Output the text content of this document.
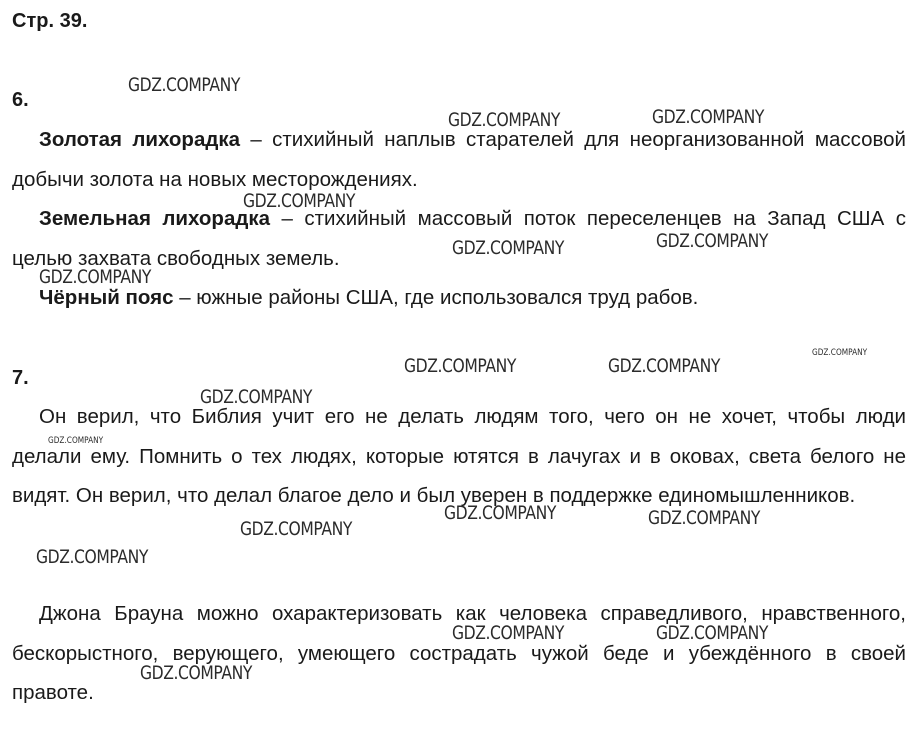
Стр. 39.
6.

Золотая лихорадка – стихийный наплыв старателей для неорганизованной массовой добычи золота на новых месторождениях.

Земельная лихорадка – стихийный массовый поток переселенцев на Запад США с целью захвата свободных земель.

Чёрный пояс – южные районы США, где использовался труд рабов.

7.

Он верил, что Библия учит его не делать людям того, чего он не хочет, чтобы люди делали ему. Помнить о тех людях, которые ютятся в лачугах и в оковах, света белого не видят. Он верил, что делал благое дело и был уверен в поддержке единомышленников.

Джона Брауна можно охарактеризовать как человека справедливого, нравственного, бескорыстного, верующего, умеющего сострадать чужой беде и убеждённого в своей правоте.

GDZ.COMPANY
GDZ.COMPANY	GDZ.COMPANY
GDZ.COMPANY
GDZ.COMPANY	GDZ.COMPANY
GDZ.COMPANY
GDZ.COMPANY	GDZ.COMPANY
GDZ.COMPANY
GDZ.COMPANY
GDZ.COMPANY
GDZ.COMPANY	GDZ.COMPANY
GDZ.COMPANY
GDZ.COMPANY
GDZ.COMPANY	GDZ.COMPANY
GDZ.COMPANY
